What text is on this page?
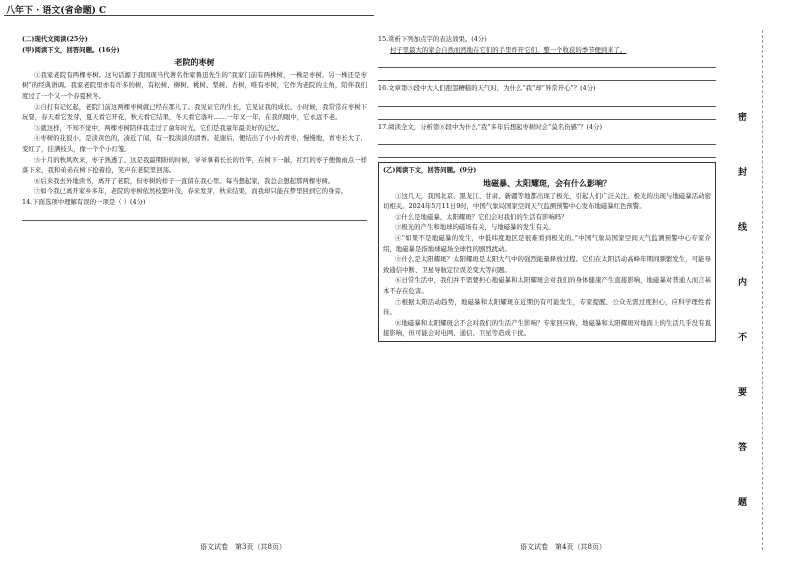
八年下 · 语文(省命题) C

(二)现代文阅读(25分)

(甲)阅读下文，回答问题。(16分)

老院的枣树

①我家老院有两棵枣树。这句话源于我国现当代著名作家鲁迅先生的“我家门前有两株树，一株是枣树，另一株还是枣树”的经典语调。我家老院里亦有许多的树，有松树、柳树、桃树、梨树、杏树，唯有枣树，它作为老院的主角，陪伴我们度过了一个又一个春夏秋冬。

②自打有记忆起，老院门前这两棵枣树就已经在那儿了。我见证它的生长，它见证我的成长。小时候，我常常在枣树下玩耍，春天看它发芽，夏天看它开花，秋天看它结果，冬天看它落叶……一年又一年，在我的眼中，它永远不老。

③就这样，不知不觉中，两棵枣树陪伴我走过了童年时光，它们是我童年最美好的记忆。

④枣树的花很小，是淡黄色的，凑近了闻，有一股淡淡的清香。花谢后，便结出了小小的青枣，慢慢地，青枣长大了，变红了，挂满枝头，像一个个小灯笼。

⑤十月的秋风吹来，枣子熟透了。这是我最期盼的时候，爷爷拿着长长的竹竿，在树下一敲，红红的枣子便像雨点一样落下来，我和弟弟在树下抢着捡，笑声在老院里回荡。

⑥后来我去外地读书，离开了老院，但枣树的样子一直留在我心里。每当想起家，我总会想起那两棵枣树。

⑦如今我已离开家乡多年，老院的枣树依然枝繁叶茂，春来发芽，秋来结果，而我却只能在梦里回到它的身旁。

14.下面选项中理解有误的一项是（ ）(4分)

15.赏析下列加点字的表达效果。(4分)

村子里最大的家会自然而然地在它们的手里炸开它们，整一个收获的季节便到来了。

16.文章第⑤段中大人们抱怨糟糕的天气时，为什么“我”却“异常开心”？(4分)

17.阅读全文，分析第⑥段中为什么“我”多年后想起枣树时会“莫名伤感”？(4分)

(乙)阅读下文，回答问题。(9分)

地磁暴、太阳耀斑，会有什么影响？

①这几天，我国北京、黑龙江、甘肃、新疆等地都出现了极光，引起人们广泛关注。极光的出现与地磁暴活动密切相关。2024年5月11日9时，中国气象局国家空间天气监测预警中心发布地磁暴红色预警。

②什么是地磁暴、太阳耀斑？它们会对我们的生活有影响吗？

③极光的产生和地球的磁场有关，与地磁暴的发生有关。

④“如果不是地磁暴的发生，中低纬度地区是很难看到极光的。”中国气象局国家空间天气监测预警中心专家介绍，地磁暴是指地球磁场全球性的剧烈扰动。

⑤什么是太阳耀斑？太阳耀斑是太阳大气中的强烈能量释放过程。它们在太阳活动高峰年期间频繁发生，可能导致通信中断、卫星导航定位误差变大等问题。

⑥日常生活中，我们并不需要担心地磁暴和太阳耀斑会对我们的身体健康产生直接影响，地磁暴对普通人而言基本不存在危害。

⑦根据太阳活动趋势，地磁暴和太阳耀斑在近期仍有可能发生，专家提醒，公众无需过度担心，应科学理性看待。

⑧地磁暴和太阳耀斑会不会对我们的生活产生影响？专家回应称，地磁暴和太阳耀斑对地面上的生活几乎没有直接影响，但可能会对电网、通信、卫星等造成干扰。

语文试卷　第3页（共8页）	语文试卷　第4页（共8页）
密
封
线
内
不
要
答
题
